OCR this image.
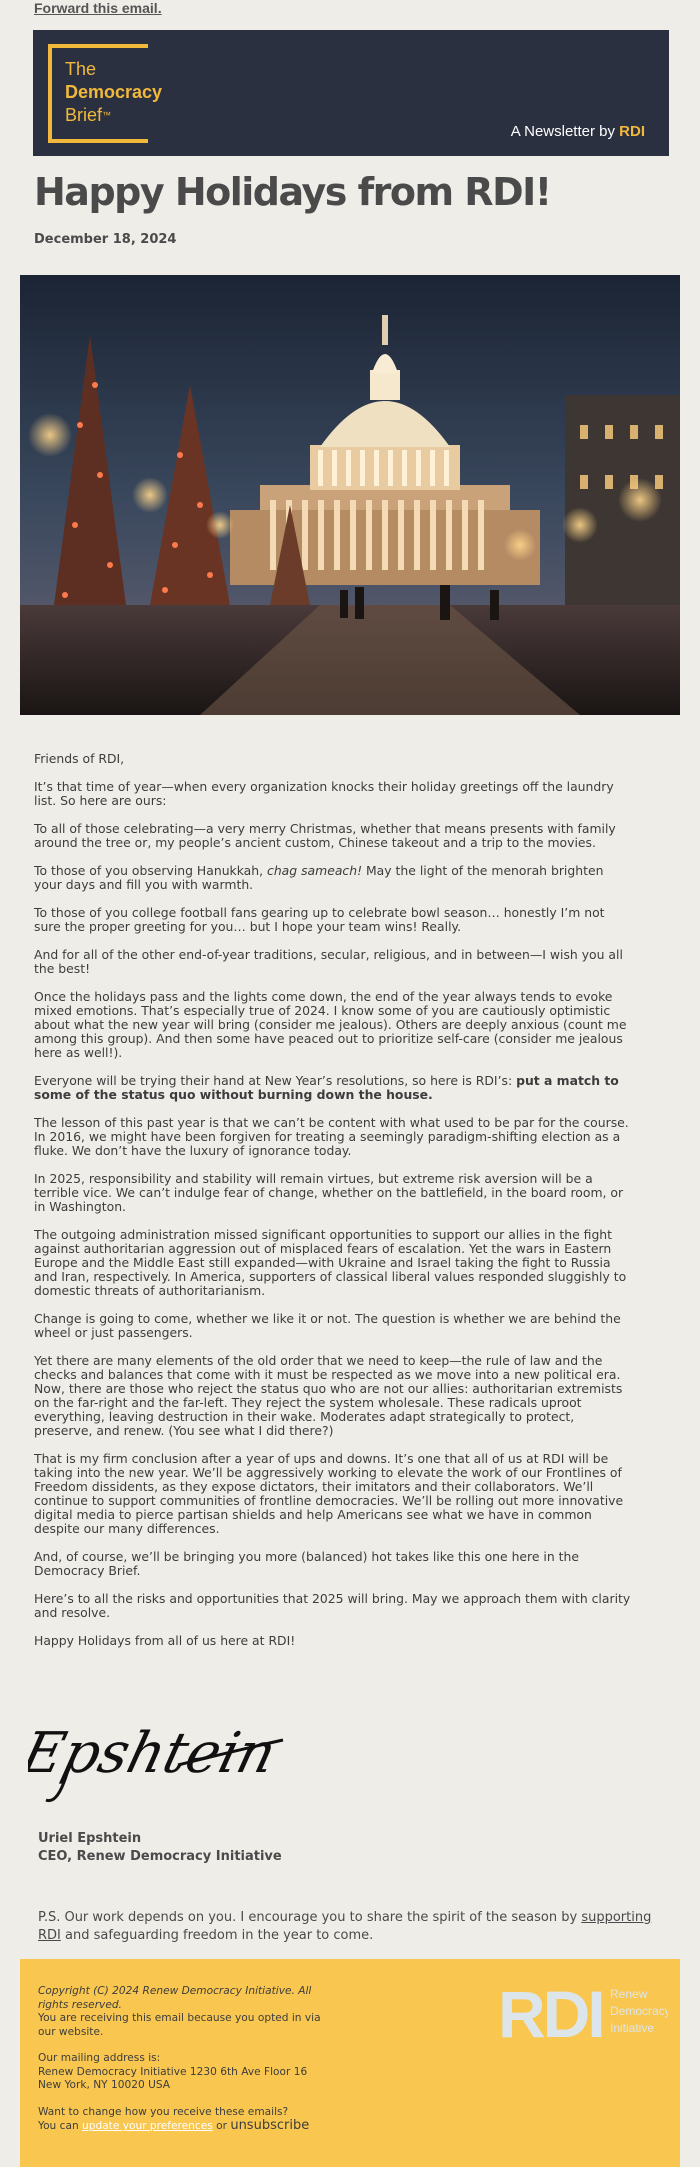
Forward this email.
The
Democracy
Brief™
A Newsletter by RDI
Happy Holidays from RDI!
December 18, 2024

Friends of RDI,

It’s that time of year—when every organization knocks their holiday greetings off the laundry list. So here are ours:

To all of those celebrating—a very merry Christmas, whether that means presents with family around the tree or, my people’s ancient custom, Chinese takeout and a trip to the movies.

To those of you observing Hanukkah, chag sameach! May the light of the menorah brighten your days and fill you with warmth.

To those of you college football fans gearing up to celebrate bowl season… honestly I’m not sure the proper greeting for you… but I hope your team wins! Really.

And for all of the other end-of-year traditions, secular, religious, and in between—I wish you all the best!

Once the holidays pass and the lights come down, the end of the year always tends to evoke mixed emotions. That’s especially true of 2024. I know some of you are cautiously optimistic about what the new year will bring (consider me jealous). Others are deeply anxious (count me among this group). And then some have peaced out to prioritize self-care (consider me jealous here as well!).

Everyone will be trying their hand at New Year’s resolutions, so here is RDI’s: put a match to some of the status quo without burning down the house.

The lesson of this past year is that we can’t be content with what used to be par for the course. In 2016, we might have been forgiven for treating a seemingly paradigm-shifting election as a fluke. We don’t have the luxury of ignorance today.

In 2025, responsibility and stability will remain virtues, but extreme risk aversion will be a terrible vice. We can’t indulge fear of change, whether on the battlefield, in the board room, or in Washington.

The outgoing administration missed significant opportunities to support our allies in the fight against authoritarian aggression out of misplaced fears of escalation. Yet the wars in Eastern Europe and the Middle East still expanded—with Ukraine and Israel taking the fight to Russia and Iran, respectively. In America, supporters of classical liberal values responded sluggishly to domestic threats of authoritarianism.

Change is going to come, whether we like it or not. The question is whether we are behind the wheel or just passengers.

Yet there are many elements of the old order that we need to keep—the rule of law and the checks and balances that come with it must be respected as we move into a new political era. Now, there are those who reject the status quo who are not our allies: authoritarian extremists on the far-right and the far-left. They reject the system wholesale. These radicals uproot everything, leaving destruction in their wake. Moderates adapt strategically to protect, preserve, and renew. (You see what I did there?)

That is my firm conclusion after a year of ups and downs. It’s one that all of us at RDI will be taking into the new year. We’ll be aggressively working to elevate the work of our Frontlines of Freedom dissidents, as they expose dictators, their imitators and their collaborators. We’ll continue to support communities of frontline democracies. We’ll be rolling out more innovative digital media to pierce partisan shields and help Americans see what we have in common despite our many differences.

And, of course, we’ll be bringing you more (balanced) hot takes like this one here in the Democracy Brief.

Here’s to all the risks and opportunities that 2025 will bring. May we approach them with clarity and resolve.

Happy Holidays from all of us here at RDI!

Epshtein
Uriel Epshtein
CEO, Renew Democracy Initiative
P.S. Our work depends on you. I encourage you to share the spirit of the season by supporting RDI and safeguarding freedom in the year to come.

Copyright (C) 2024 Renew Democracy Initiative. All rights reserved.
You are receiving this email because you opted in via our website.

Our mailing address is:
Renew Democracy Initiative 1230 6th Ave Floor 16
New York, NY 10020 USA

Want to change how you receive these emails?
You can update your preferences or unsubscribe

RDI Renew
Democracy
Initiative
